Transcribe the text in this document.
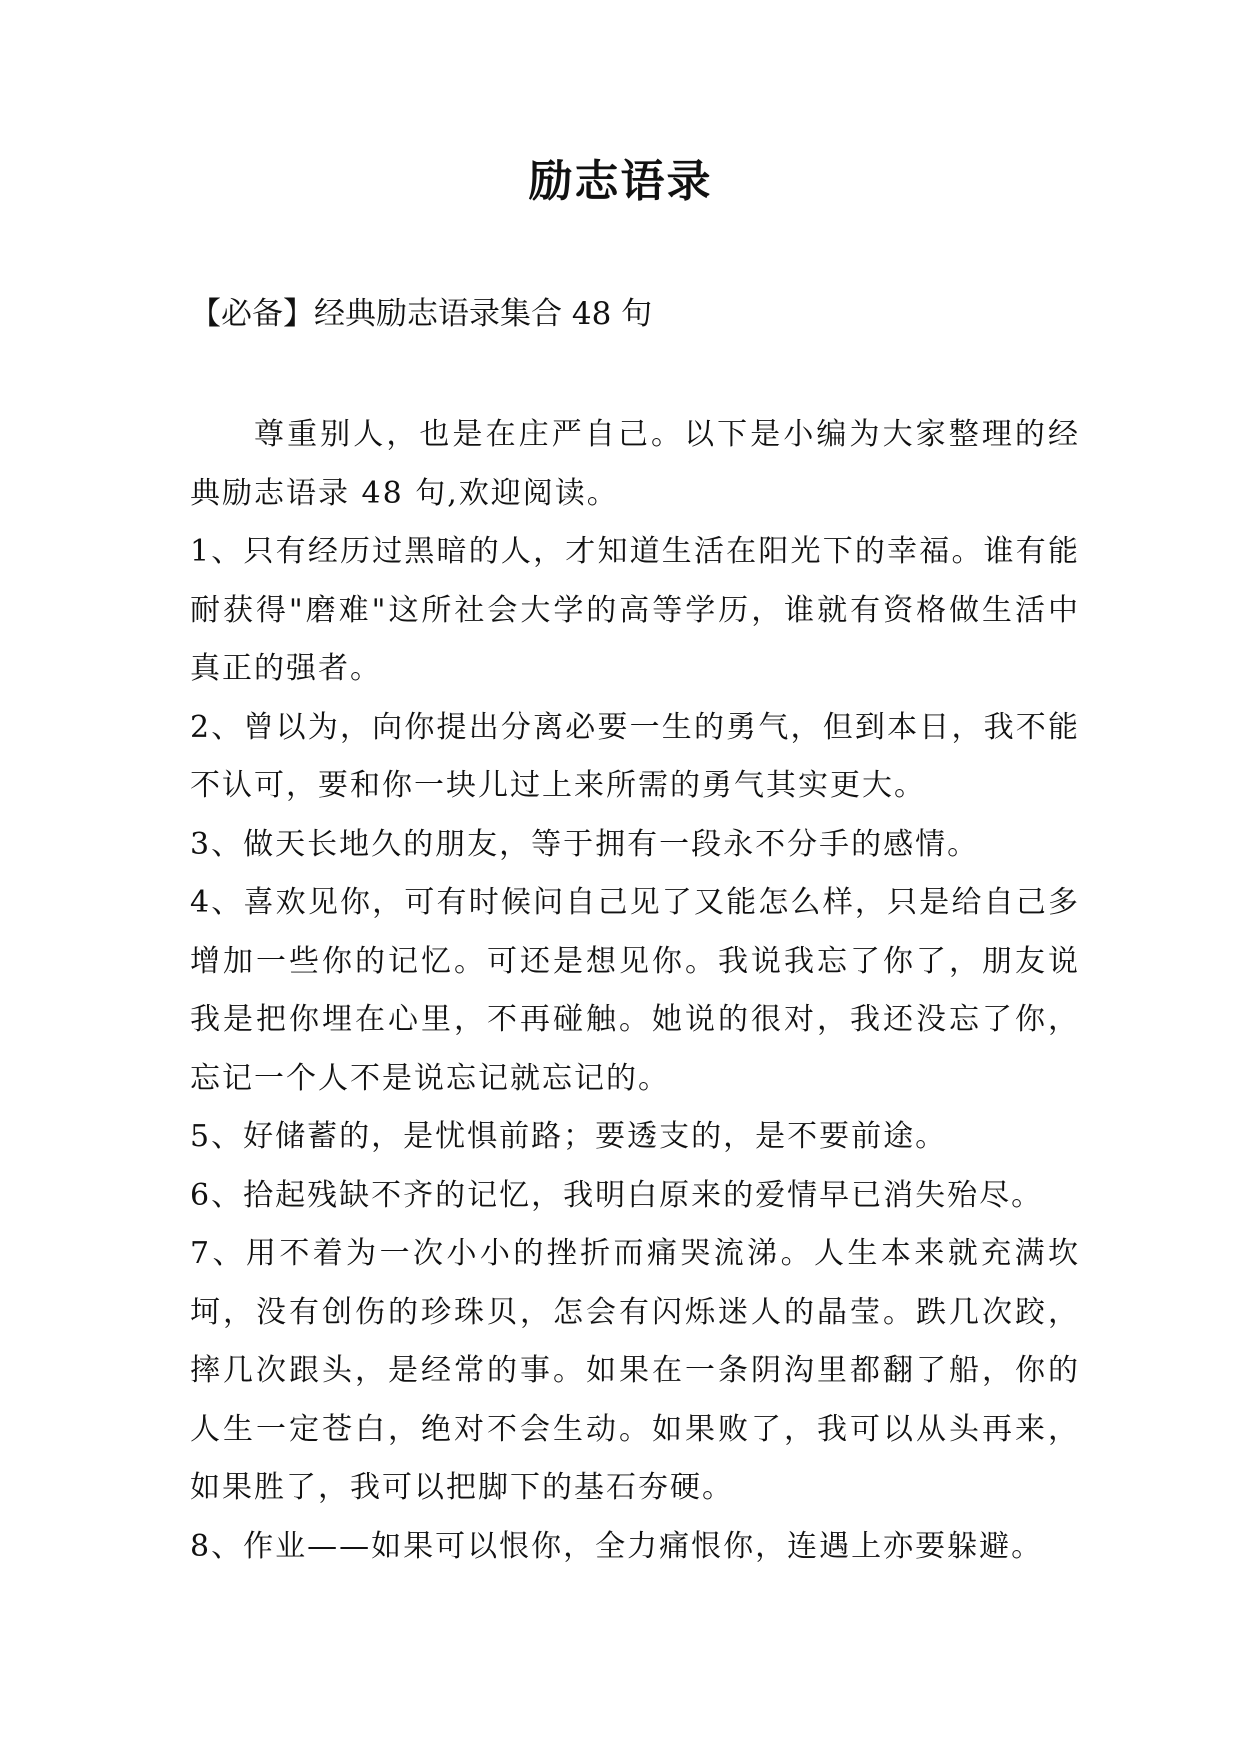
励志语录
【必备】经典励志语录集合 48 句

尊重别人，也是在庄严自己。以下是小编为大家整理的经典励志语录 48 句,欢迎阅读。

1、只有经历过黑暗的人，才知道生活在阳光下的幸福。谁有能耐获得"磨难"这所社会大学的高等学历，谁就有资格做生活中真正的强者。

2、曾以为，向你提出分离必要一生的勇气，但到本日，我不能不认可，要和你一块儿过上来所需的勇气其实更大。

3、做天长地久的朋友，等于拥有一段永不分手的感情。

4、喜欢见你，可有时候问自己见了又能怎么样，只是给自己多增加一些你的记忆。可还是想见你。我说我忘了你了，朋友说我是把你埋在心里，不再碰触。她说的很对，我还没忘了你，忘记一个人不是说忘记就忘记的。

5、好储蓄的，是忧惧前路；要透支的，是不要前途。

6、拾起残缺不齐的记忆，我明白原来的爱情早已消失殆尽。

7、用不着为一次小小的挫折而痛哭流涕。人生本来就充满坎坷，没有创伤的珍珠贝，怎会有闪烁迷人的晶莹。跌几次跤，摔几次跟头，是经常的事。如果在一条阴沟里都翻了船，你的人生一定苍白，绝对不会生动。如果败了，我可以从头再来，如果胜了，我可以把脚下的基石夯硬。

8、作业——如果可以恨你，全力痛恨你，连遇上亦要躲避。
